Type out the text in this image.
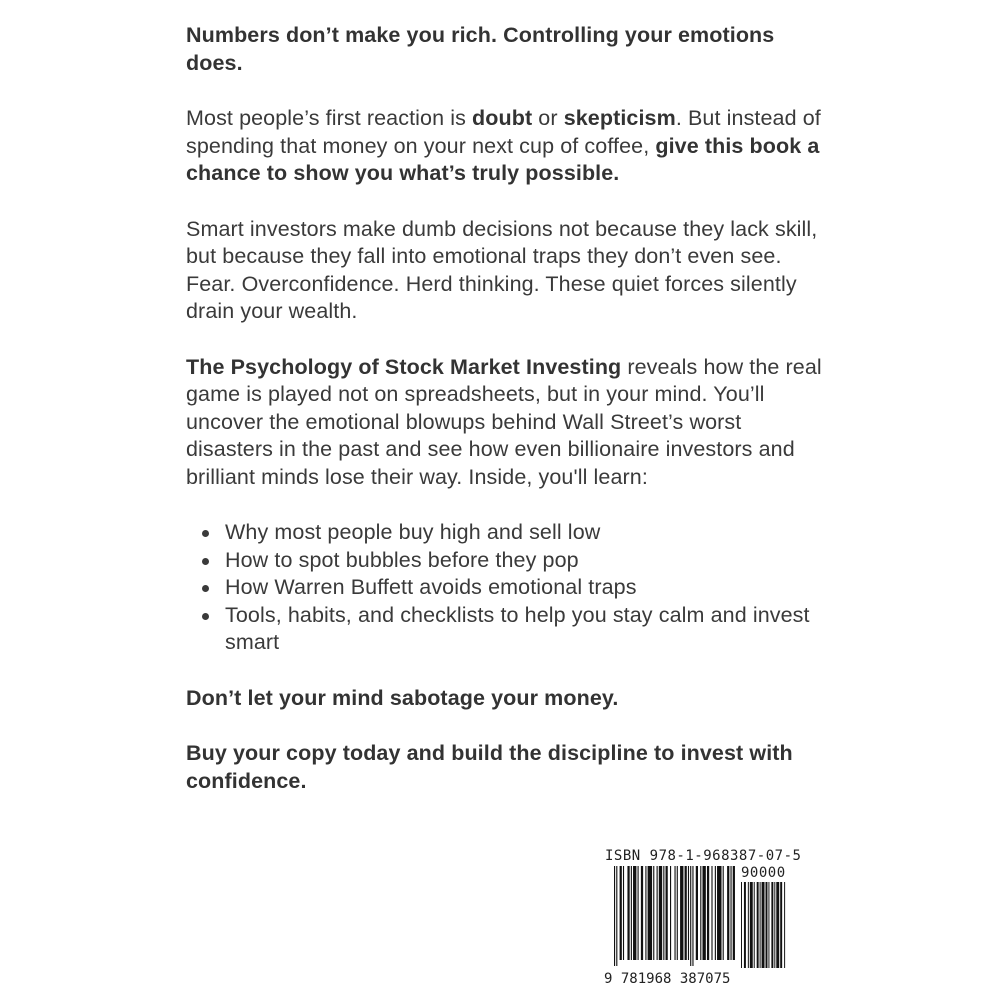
Numbers don’t make you rich. Controlling your emotions does.

Most people’s first reaction is doubt or skepticism. But instead of spending that money on your next cup of coffee, give this book a chance to show you what’s truly possible.

Smart investors make dumb decisions not because they lack skill, but because they fall into emotional traps they don’t even see. Fear. Overconfidence. Herd thinking. These quiet forces silently drain your wealth.

The Psychology of Stock Market Investing reveals how the real game is played not on spreadsheets, but in your mind. You’ll uncover the emotional blowups behind Wall Street’s worst disasters in the past and see how even billionaire investors and brilliant minds lose their way. Inside, you'll learn:

Why most people buy high and sell low
How to spot bubbles before they pop
How Warren Buffett avoids emotional traps
Tools, habits, and checklists to help you stay calm and invest smart

Don’t let your mind sabotage your money.

Buy your copy today and build the discipline to invest with confidence.

ISBN 978-1-968387-07-5
90000
9 781968 387075
